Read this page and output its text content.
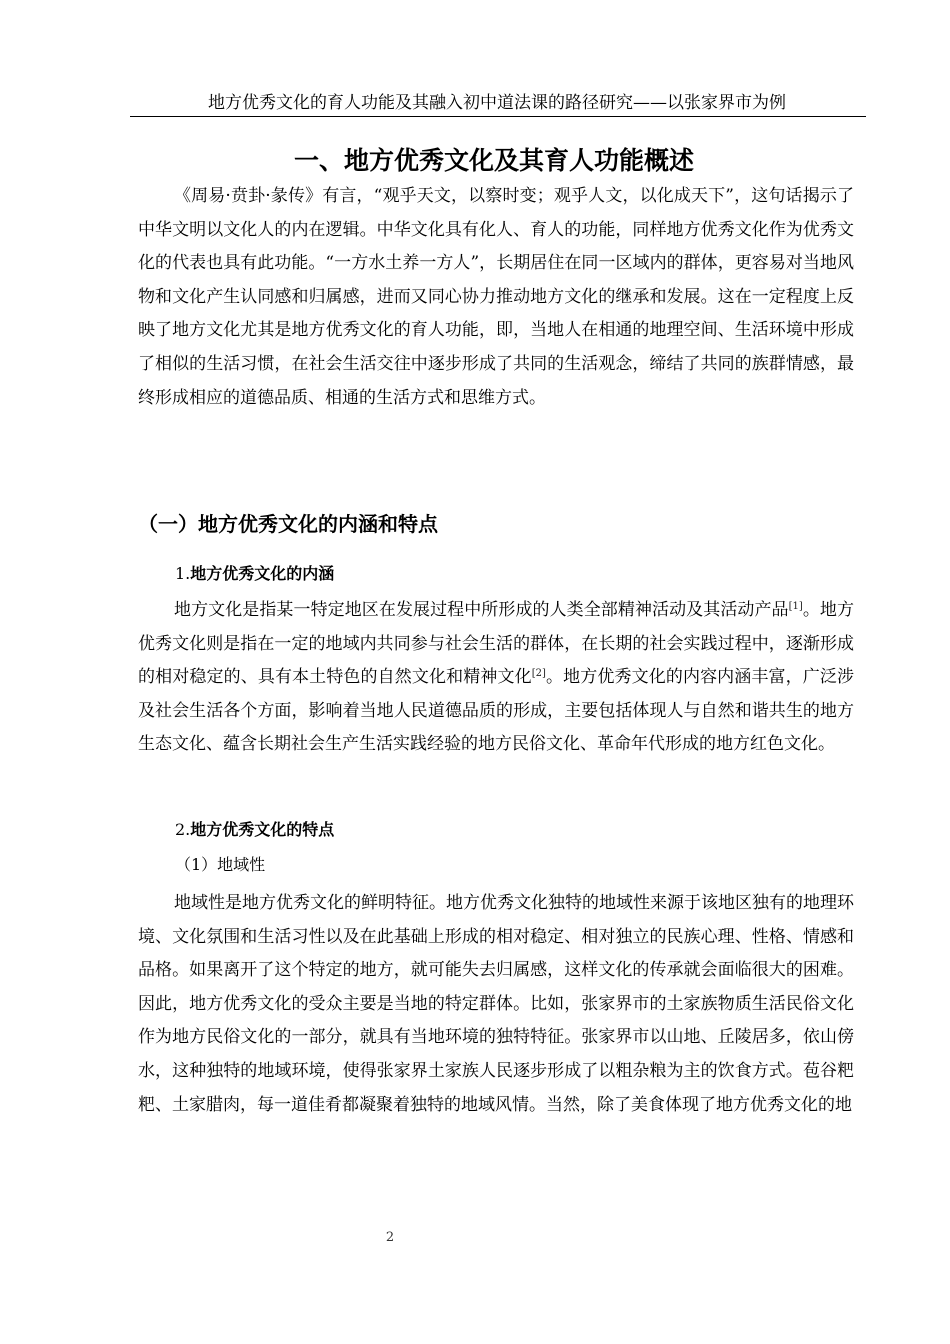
地方优秀文化的育人功能及其融入初中道法课的路径研究——以张家界市为例
一、地方优秀文化及其育人功能概述

《周易·贲卦·彖传》有言，“观乎天文，以察时变；观乎人文，以化成天下”，这句话揭示了中华文明以文化人的内在逻辑。中华文化具有化人、育人的功能，同样地方优秀文化作为优秀文化的代表也具有此功能。“一方水土养一方人”，长期居住在同一区域内的群体，更容易对当地风物和文化产生认同感和归属感，进而又同心协力推动地方文化的继承和发展。这在一定程度上反映了地方文化尤其是地方优秀文化的育人功能，即，当地人在相通的地理空间、生活环境中形成了相似的生活习惯，在社会生活交往中逐步形成了共同的生活观念，缔结了共同的族群情感，最终形成相应的道德品质、相通的生活方式和思维方式。

（一）地方优秀文化的内涵和特点
1.地方优秀文化的内涵

地方文化是指某一特定地区在发展过程中所形成的人类全部精神活动及其活动产品[1]。地方优秀文化则是指在一定的地域内共同参与社会生活的群体，在长期的社会实践过程中，逐渐形成的相对稳定的、具有本土特色的自然文化和精神文化[2]。地方优秀文化的内容内涵丰富，广泛涉及社会生活各个方面，影响着当地人民道德品质的形成，主要包括体现人与自然和谐共生的地方生态文化、蕴含长期社会生产生活实践经验的地方民俗文化、革命年代形成的地方红色文化。

2.地方优秀文化的特点
（1）地域性

地域性是地方优秀文化的鲜明特征。地方优秀文化独特的地域性来源于该地区独有的地理环境、文化氛围和生活习性以及在此基础上形成的相对稳定、相对独立的民族心理、性格、情感和品格。如果离开了这个特定的地方，就可能失去归属感，这样文化的传承就会面临很大的困难。因此，地方优秀文化的受众主要是当地的特定群体。比如，张家界市的土家族物质生活民俗文化作为地方民俗文化的一部分，就具有当地环境的独特特征。张家界市以山地、丘陵居多，依山傍水，这种独特的地域环境，使得张家界土家族人民逐步形成了以粗杂粮为主的饮食方式。苞谷粑粑、土家腊肉，每一道佳肴都凝聚着独特的地域风情。当然，除了美食体现了地方优秀文化的地

2
